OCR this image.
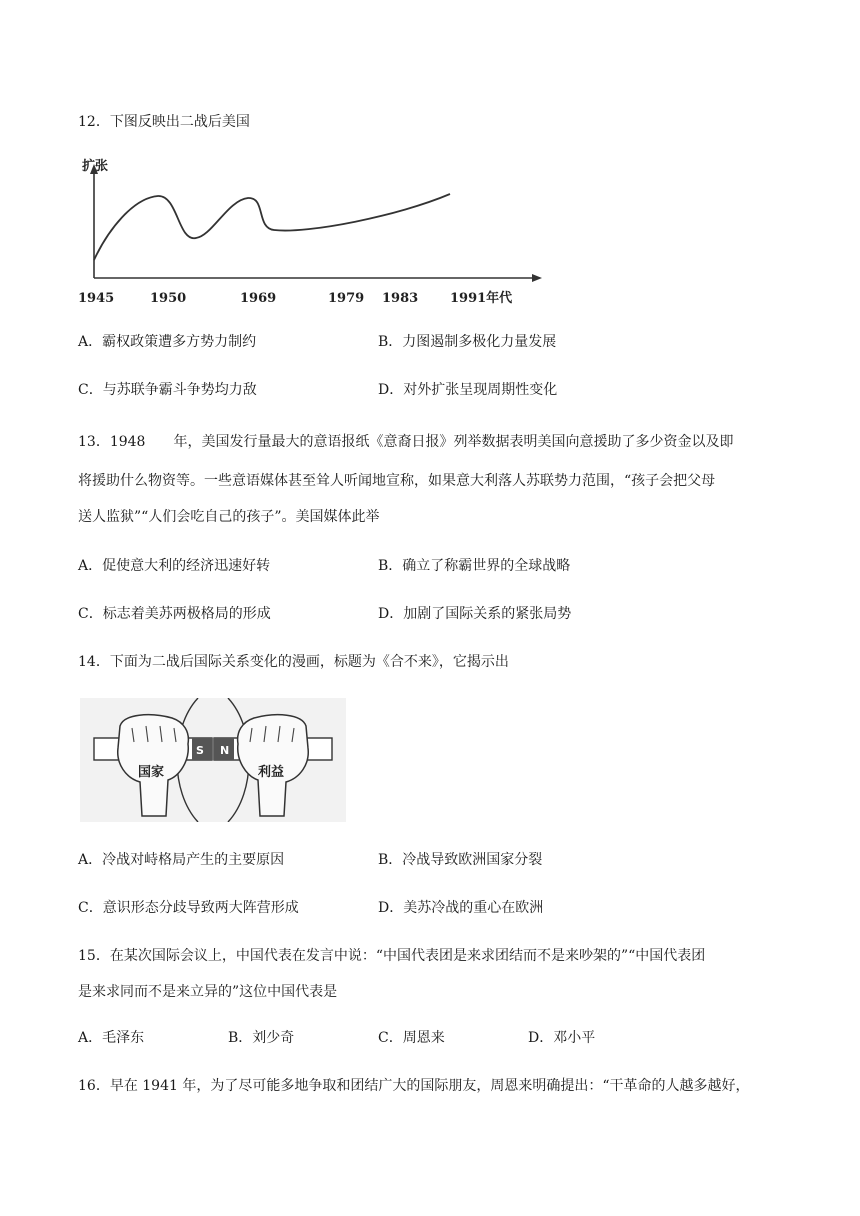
12．下图反映出二战后美国
扩张
1945	1950	1969	1979 1983 1991年代
A．霸权政策遭多方势力制约	B．力图遏制多极化力量发展
C．与苏联争霸斗争势均力敌	D．对外扩张呈现周期性变化
13．1948　　年，美国发行量最大的意语报纸《意裔日报》列举数据表明美国向意援助了多少资金以及即
将援助什么物资等。一些意语媒体甚至耸人听闻地宣称，如果意大利落人苏联势力范围，“孩子会把父母
送人监狱”“人们会吃自己的孩子”。美国媒体此举
A．促使意大利的经济迅速好转	B．确立了称霸世界的全球战略
C．标志着美苏两极格局的形成	D．加剧了国际关系的紧张局势
14．下面为二战后国际关系变化的漫画，标题为《合不来》，它揭示出
国家	利益
S N
A．冷战对峙格局产生的主要原因	B．冷战导致欧洲国家分裂
C．意识形态分歧导致两大阵营形成	D．美苏冷战的重心在欧洲
15．在某次国际会议上，中国代表在发言中说：“中国代表团是来求团结而不是来吵架的”“中国代表团
是来求同而不是来立异的”这位中国代表是
A．毛泽东	B．刘少奇	C．周恩来	D．邓小平
16．早在 1941 年，为了尽可能多地争取和团结广大的国际朋友，周恩来明确提出：“干革命的人越多越好，
